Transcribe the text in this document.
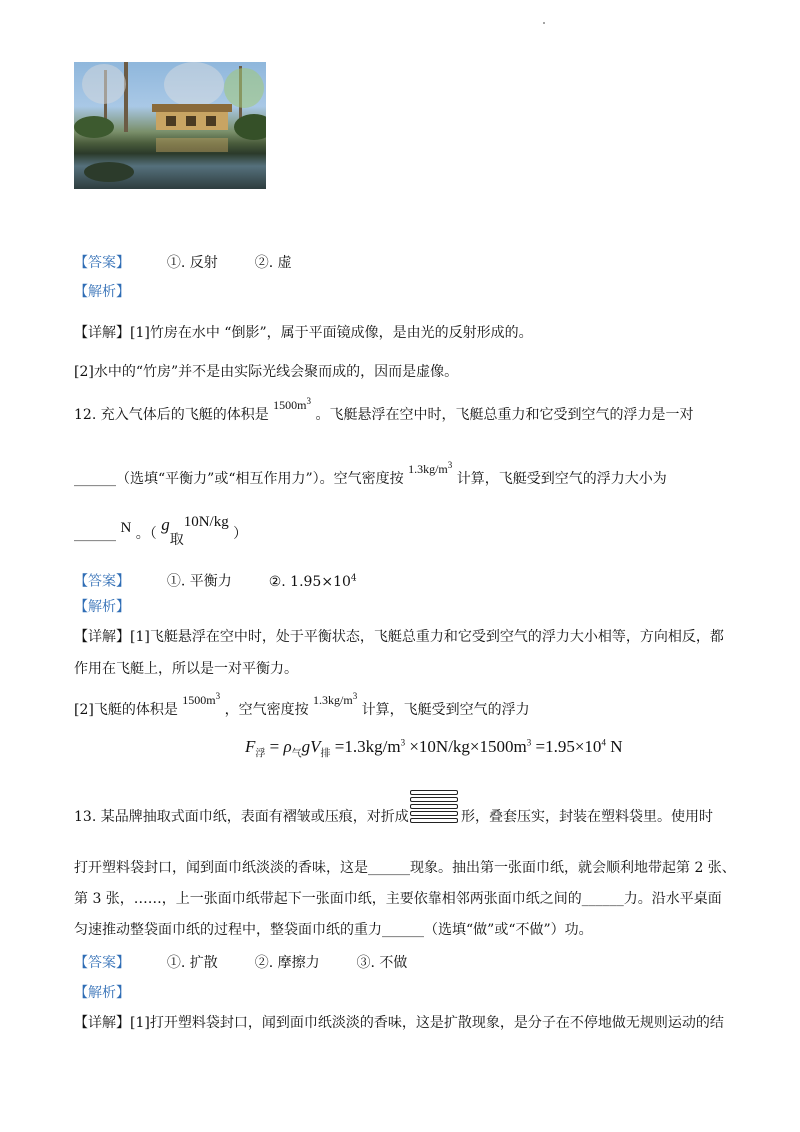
【答案】	①. 反射	②. 虚
【解析】
【详解】[1]竹房在水中 “倒影”，属于平面镜成像，是由光的反射形成的。
[2]水中的“竹房”并不是由实际光线会聚而成的，因而是虚像。
12. 充入气体后的飞艇的体积是 $1500m^3$ 。飞艇悬浮在空中时，飞艇总重力和它受到空气的浮力是一对
______（选填“平衡力”或“相互作用力”）。空气密度按 $1.3kg/m^3$ 计算，飞艇受到空气的浮力大小为
______ N 。（ g取10N/kg ）
【答案】	①. 平衡力	②. $1.95\times 10^4$
【解析】
【详解】[1]飞艇悬浮在空中时，处于平衡状态，飞艇总重力和它受到空气的浮力大小相等，方向相反，都
作用在飞艇上，所以是一对平衡力。
[2]飞艇的体积是 $1500m^3$ ，空气密度按 $1.3kg/m^3$ 计算，飞艇受到空气的浮力
$F_浮 = \rho_气gV_排 =1.3kg/m^3 \times 10N/kg\times 1500m^3 =1.95\times 10^4$ N
13. 某品牌抽取式面巾纸，表面有褶皱或压痕，对折成	形，叠套压实，封装在塑料袋里。使用时
打开塑料袋封口，闻到面巾纸淡淡的香味，这是______现象。抽出第一张面巾纸，就会顺利地带起第 2 张、
第 3 张，……，上一张面巾纸带起下一张面巾纸，主要依靠相邻两张面巾纸之间的______力。沿水平桌面
匀速推动整袋面巾纸的过程中，整袋面巾纸的重力______（选填“做”或“不做”）功。
【答案】	①. 扩散	②. 摩擦力	③. 不做
【解析】
【详解】[1]打开塑料袋封口，闻到面巾纸淡淡的香味，这是扩散现象，是分子在不停地做无规则运动的结
